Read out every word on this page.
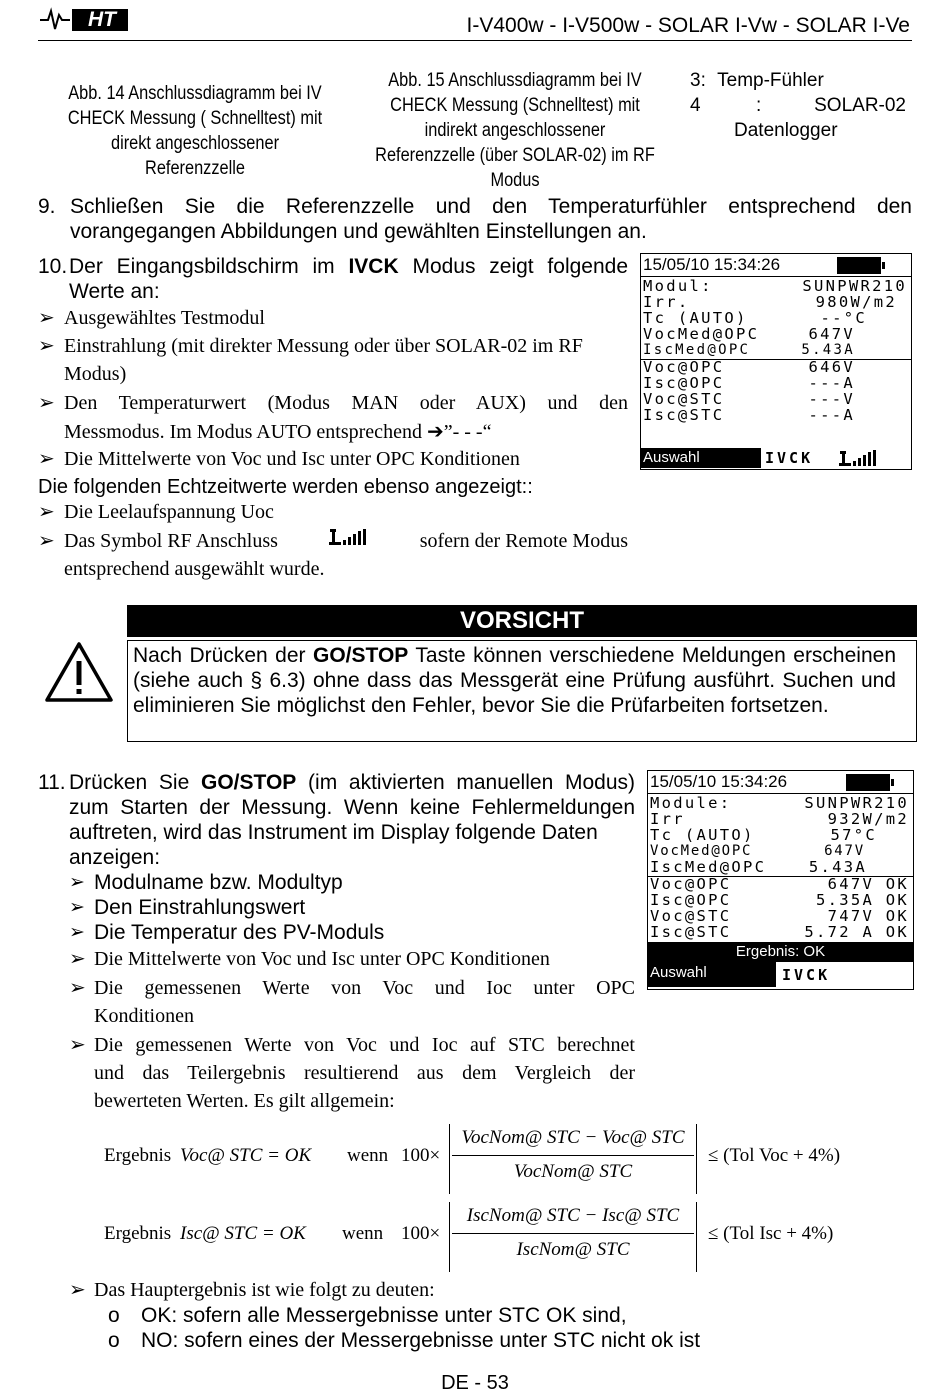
HT	I-V400w - I-V500w - SOLAR I-Vw - SOLAR I-Ve
Abb. 14 Anschlussdiagramm bei IV
CHECK Messung ( Schnelltest) mit
direkt angeschlossener
Referenzzelle
Abb. 15 Anschlussdiagramm bei IV
CHECK Messung (Schnelltest) mit
indirekt angeschlossener
Referenzzelle (über SOLAR-02) im RF
Modus
3: Temp-Fühler
4	:	SOLAR-02
Datenlogger
9. Schließen Sie die Referenzzelle und den Temperaturfühler entsprechend den
vorangegangen Abbildungen und gewählten Einstellungen an.
10. Der Eingangsbildschirm im IVCK Modus zeigt folgende
Werte an:
➢ Ausgewähltes Testmodul
➢ Einstrahlung (mit direkter Messung oder über SOLAR-02 im RF
Modus)
➢ Den Temperaturwert (Modus MAN oder AUX) und den
Messmodus. Im Modus AUTO entsprechend ➔”- - -“
➢ Die Mittelwerte von Voc und Isc unter OPC Konditionen
Die folgenden Echtzeitwerte werden ebenso angezeigt::
➢ Die Leelaufspannung Uoc
➢ Das Symbol RF Anschluss	sofern der Remote Modus
entsprechend ausgewählt wurde.
15/05/10 15:34:26
Modul:	SUNPWR210
Irr.	980W/m2
Tc (AUTO)	--°C
VocMed@OPC	647V
IscMed@OPC	5.43A
Voc@OPC	646V
Isc@OPC	---A
Voc@STC	---V
Isc@STC	---A
Auswahl	IVCK
VORSICHT
Nach Drücken der GO/STOP Taste können verschiedene Meldungen erscheinen (siehe auch § 6.3) ohne dass das Messgerät eine Prüfung ausführt. Suchen und eliminieren Sie möglichst den Fehler, bevor Sie die Prüfarbeiten fortsetzen.
11. Drücken Sie GO/STOP (im aktivierten manuellen Modus)
zum Starten der Messung. Wenn keine Fehlermeldungen
auftreten, wird das Instrument im Display folgende Daten
anzeigen:
➢ Modulname bzw. Modultyp
➢ Den Einstrahlungswert
➢ Die Temperatur des PV-Moduls
➢ Die Mittelwerte von Voc und Isc unter OPC Konditionen
➢ Die gemessenen Werte von Voc und Ioc unter OPC
Konditionen
➢ Die gemessenen Werte von Voc und Ioc auf STC berechnet
und das Teilergebnis resultierend aus dem Vergleich der
bewerteten Werten. Es gilt allgemein:
15/05/10 15:34:26
Module:	SUNPWR210
Irr	932W/m2
Tc (AUTO)	57°C
VocMed@OPC	647V
IscMed@OPC	5.43A
Voc@OPC	647V OK
Isc@OPC	5.35A OK
Voc@STC	747V OK
Isc@STC	5.72 A OK
Ergebnis: OK
Auswahl	IVCK
Ergebnis Voc@ STC = OK wenn 100×
VocNom@ STC − Voc@ STC
VocNom@ STC
≤ (Tol Voc + 4%)
Ergebnis Isc@ STC = OK wenn 100×
IscNom@ STC − Isc@ STC
IscNom@ STC
≤ (Tol Isc + 4%)
➢ Das Hauptergebnis ist wie folgt zu deuten:
o OK: sofern alle Messergebnisse unter STC OK sind,
o NO: sofern eines der Messergebnisse unter STC nicht ok ist
DE - 53
